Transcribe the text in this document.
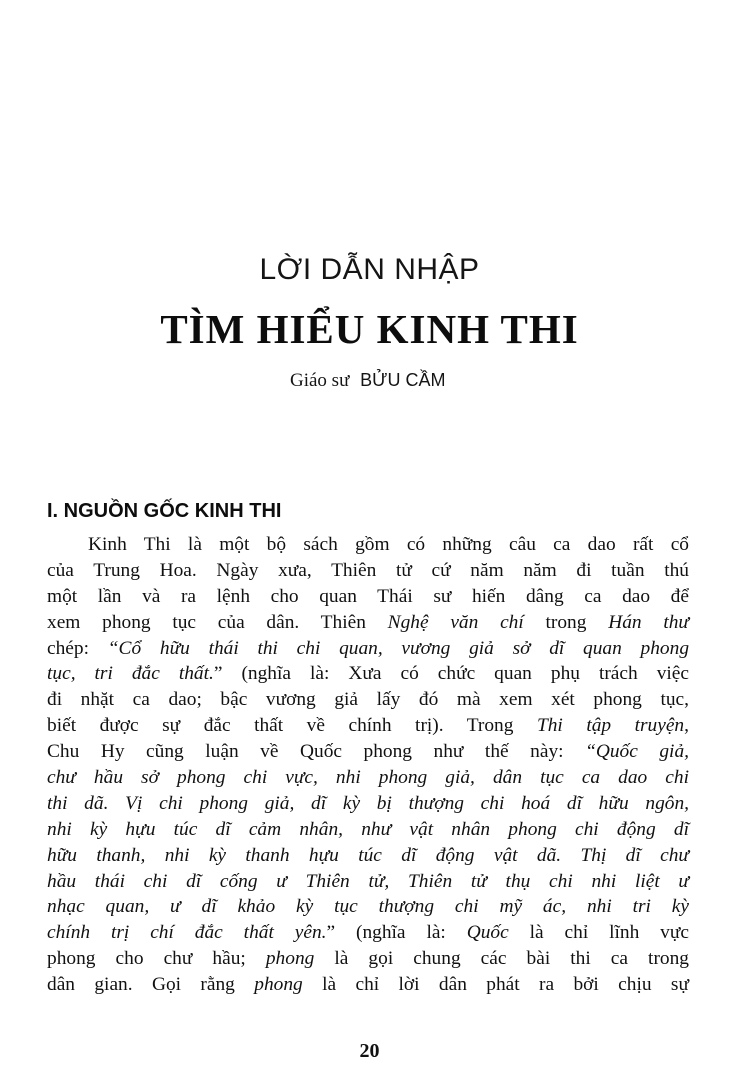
LỜI DẪN NHẬP
TÌM HIỂU KINH THI
Giáo sư BỬU CẦM
I. NGUỒN GỐC KINH THI
Kinh Thi là một bộ sách gồm có những câu ca dao rất cổ
của Trung Hoa. Ngày xưa, Thiên tử cứ năm năm đi tuần thú
một lần và ra lệnh cho quan Thái sư hiến dâng ca dao để
xem phong tục của dân. Thiên Nghệ văn chí trong Hán thư
chép: “Cổ hữu thái thi chi quan, vương giả sở dĩ quan phong
tục, tri đắc thất.” (nghĩa là: Xưa có chức quan phụ trách việc
đi nhặt ca dao; bậc vương giả lấy đó mà xem xét phong tục,
biết được sự đắc thất về chính trị). Trong Thi tập truyện,
Chu Hy cũng luận về Quốc phong như thế này: “Quốc giả,
chư hầu sở phong chi vực, nhi phong giả, dân tục ca dao chi
thi dã. Vị chi phong giả, dĩ kỳ bị thượng chi hoá dĩ hữu ngôn,
nhi kỳ hựu túc dĩ cảm nhân, như vật nhân phong chi động dĩ
hữu thanh, nhi kỳ thanh hựu túc dĩ động vật dã. Thị dĩ chư
hầu thái chi dĩ cống ư Thiên tử, Thiên tử thụ chi nhi liệt ư
nhạc quan, ư dĩ khảo kỳ tục thượng chi mỹ ác, nhi tri kỳ
chính trị chí đắc thất yên.” (nghĩa là: Quốc là chỉ lĩnh vực
phong cho chư hầu; phong là gọi chung các bài thi ca trong
dân gian. Gọi rằng phong là chỉ lời dân phát ra bởi chịu sự
20
